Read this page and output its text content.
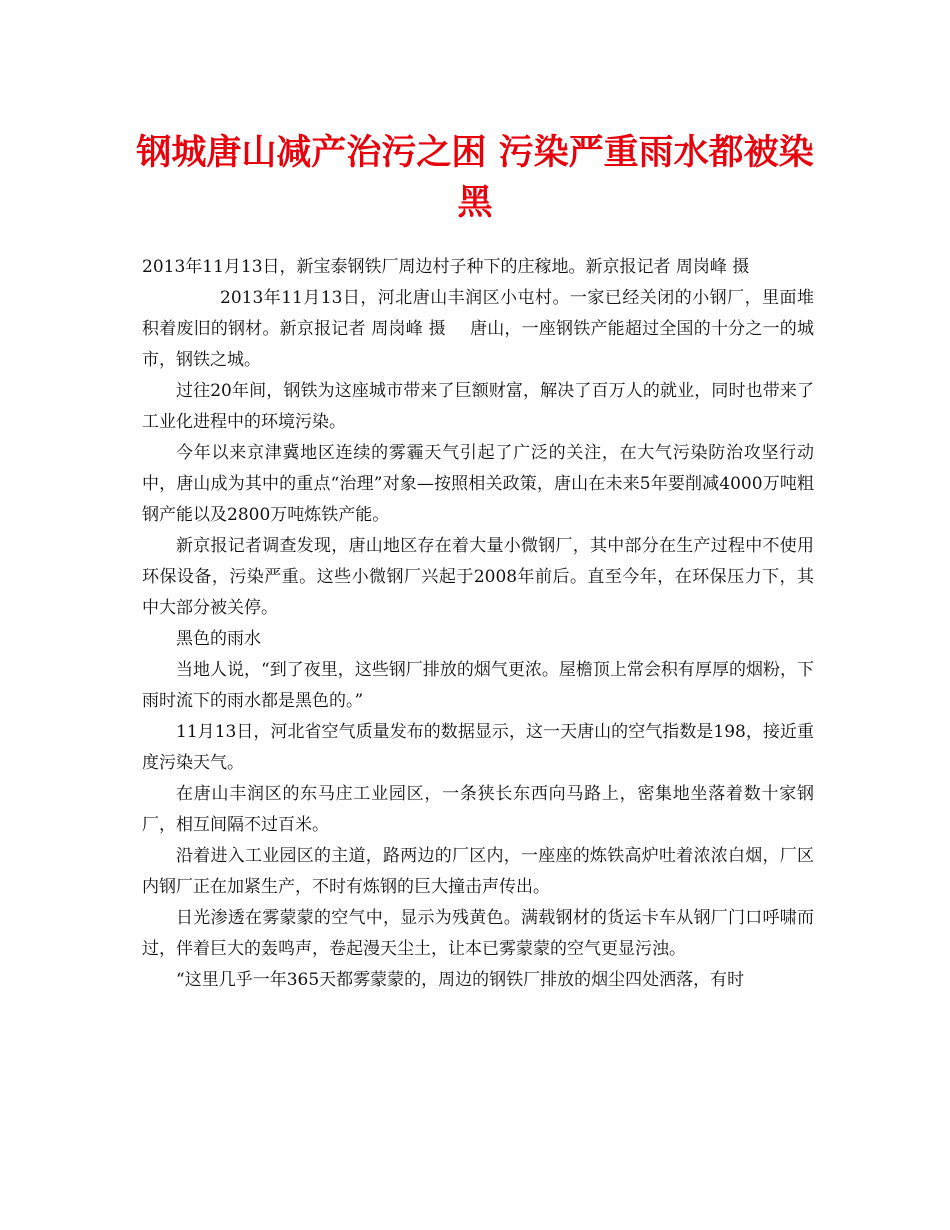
钢城唐山减产治污之困 污染严重雨水都被染黑

2013年11月13日，新宝泰钢铁厂周边村子种下的庄稼地。新京报记者 周岗峰 摄
2013年11月13日，河北唐山丰润区小屯村。一家已经关闭的小钢厂，里面堆积着废旧的钢材。新京报记者 周岗峰 摄 唐山，一座钢铁产能超过全国的十分之一的城市，钢铁之城。

过往20年间，钢铁为这座城市带来了巨额财富，解决了百万人的就业，同时也带来了工业化进程中的环境污染。

今年以来京津冀地区连续的雾霾天气引起了广泛的关注，在大气污染防治攻坚行动中，唐山成为其中的重点“治理”对象—按照相关政策，唐山在未来5年要削减4000万吨粗钢产能以及2800万吨炼铁产能。

新京报记者调查发现，唐山地区存在着大量小微钢厂，其中部分在生产过程中不使用环保设备，污染严重。这些小微钢厂兴起于2008年前后。直至今年，在环保压力下，其中大部分被关停。

黑色的雨水

当地人说，“到了夜里，这些钢厂排放的烟气更浓。屋檐顶上常会积有厚厚的烟粉，下雨时流下的雨水都是黑色的。”

11月13日，河北省空气质量发布的数据显示，这一天唐山的空气指数是198，接近重度污染天气。

在唐山丰润区的东马庄工业园区，一条狭长东西向马路上，密集地坐落着数十家钢厂，相互间隔不过百米。

沿着进入工业园区的主道，路两边的厂区内，一座座的炼铁高炉吐着浓浓白烟，厂区内钢厂正在加紧生产，不时有炼钢的巨大撞击声传出。

日光渗透在雾蒙蒙的空气中，显示为残黄色。满载钢材的货运卡车从钢厂门口呼啸而过，伴着巨大的轰鸣声，卷起漫天尘土，让本已雾蒙蒙的空气更显污浊。

“这里几乎一年365天都雾蒙蒙的，周边的钢铁厂排放的烟尘四处洒落，有时
